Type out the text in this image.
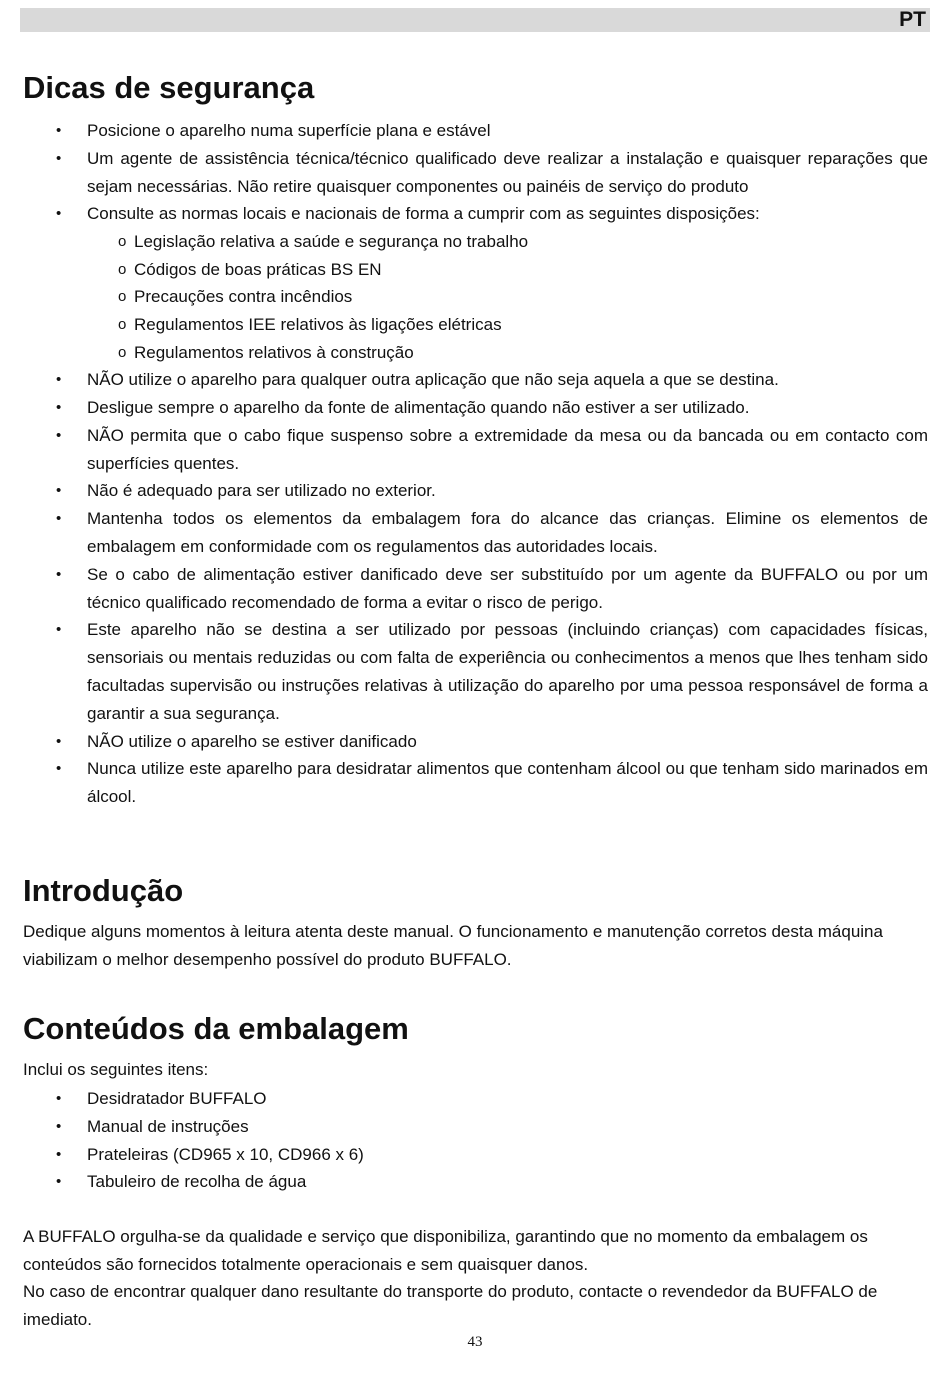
PT
Dicas de segurança
• Posicione o aparelho numa superfície plana e estável
• Um agente de assistência técnica/técnico qualificado deve realizar a instalação e quaisquer reparações que sejam necessárias. Não retire quaisquer componentes ou painéis de serviço do produto
• Consulte as normas locais e nacionais de forma a cumprir com as seguintes disposições:
o Legislação relativa a saúde e segurança no trabalho
o Códigos de boas práticas BS EN
o Precauções contra incêndios
o Regulamentos IEE relativos às ligações elétricas
o Regulamentos relativos à construção
• NÃO utilize o aparelho para qualquer outra aplicação que não seja aquela a que se destina.
• Desligue sempre o aparelho da fonte de alimentação quando não estiver a ser utilizado.
• NÃO permita que o cabo fique suspenso sobre a extremidade da mesa ou da bancada ou em contacto com superfícies quentes.
• Não é adequado para ser utilizado no exterior.
• Mantenha todos os elementos da embalagem fora do alcance das crianças. Elimine os elementos de embalagem em conformidade com os regulamentos das autoridades locais.
• Se o cabo de alimentação estiver danificado deve ser substituído por um agente da BUFFALO ou por um técnico qualificado recomendado de forma a evitar o risco de perigo.
• Este aparelho não se destina a ser utilizado por pessoas (incluindo crianças) com capacidades físicas, sensoriais ou mentais reduzidas ou com falta de experiência ou conhecimentos a menos que lhes tenham sido facultadas supervisão ou instruções relativas à utilização do aparelho por uma pessoa responsável de forma a garantir a sua segurança.
• NÃO utilize o aparelho se estiver danificado
• Nunca utilize este aparelho para desidratar alimentos que contenham álcool ou que tenham sido marinados em álcool.
Introdução
Dedique alguns momentos à leitura atenta deste manual. O funcionamento e manutenção corretos desta máquina viabilizam o melhor desempenho possível do produto BUFFALO.
Conteúdos da embalagem
Inclui os seguintes itens:
• Desidratador BUFFALO
• Manual de instruções
• Prateleiras (CD965 x 10, CD966 x 6)
• Tabuleiro de recolha de água
A BUFFALO orgulha-se da qualidade e serviço que disponibiliza, garantindo que no momento da embalagem os conteúdos são fornecidos totalmente operacionais e sem quaisquer danos.
No caso de encontrar qualquer dano resultante do transporte do produto, contacte o revendedor da BUFFALO de imediato.
43
